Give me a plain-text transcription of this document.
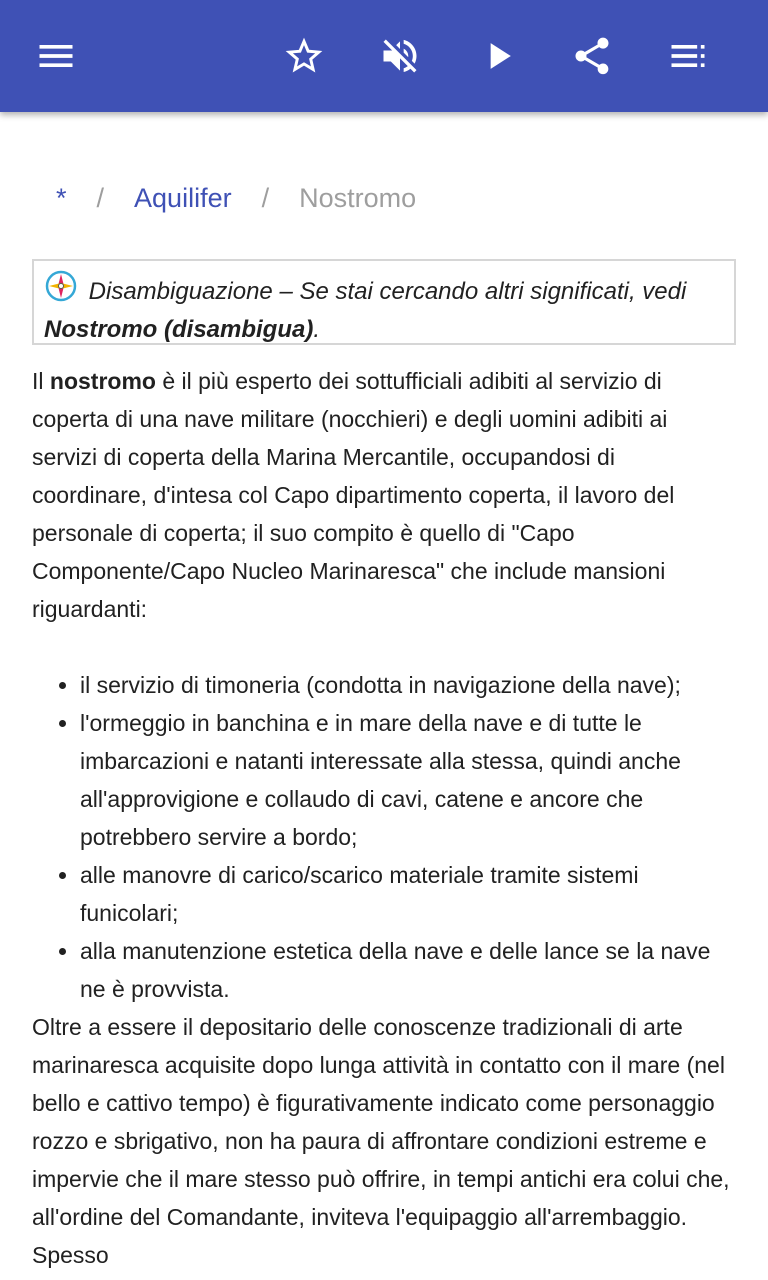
* / Aquilifer / Nostromo
Disambiguazione – Se stai cercando altri significati, vedi
Nostromo (disambigua).

Il nostromo è il più esperto dei sottufficiali adibiti al servizio di coperta di una nave militare (nocchieri) e degli uomini adibiti ai servizi di coperta della Marina Mercantile, occupandosi di coordinare, d'intesa col Capo dipartimento coperta, il lavoro del personale di coperta; il suo compito è quello di "Capo Componente/Capo Nucleo Marinaresca" che include mansioni riguardanti:

• il servizio di timoneria (condotta in navigazione della nave);
• l'ormeggio in banchina e in mare della nave e di tutte le imbarcazioni e natanti interessate alla stessa, quindi anche all'approvigione e collaudo di cavi, catene e ancore che potrebbero servire a bordo;
• alle manovre di carico/scarico materiale tramite sistemi funicolari;
• alla manutenzione estetica della nave e delle lance se la nave ne è provvista.

Oltre a essere il depositario delle conoscenze tradizionali di arte marinaresca acquisite dopo lunga attività in contatto con il mare (nel bello e cattivo tempo) è figurativamente indicato come personaggio rozzo e sbrigativo, non ha paura di affrontare condizioni estreme e impervie che il mare stesso può offrire, in tempi antichi era colui che, all'ordine del Comandante, inviteva l'equipaggio all'arrembaggio. Spesso
